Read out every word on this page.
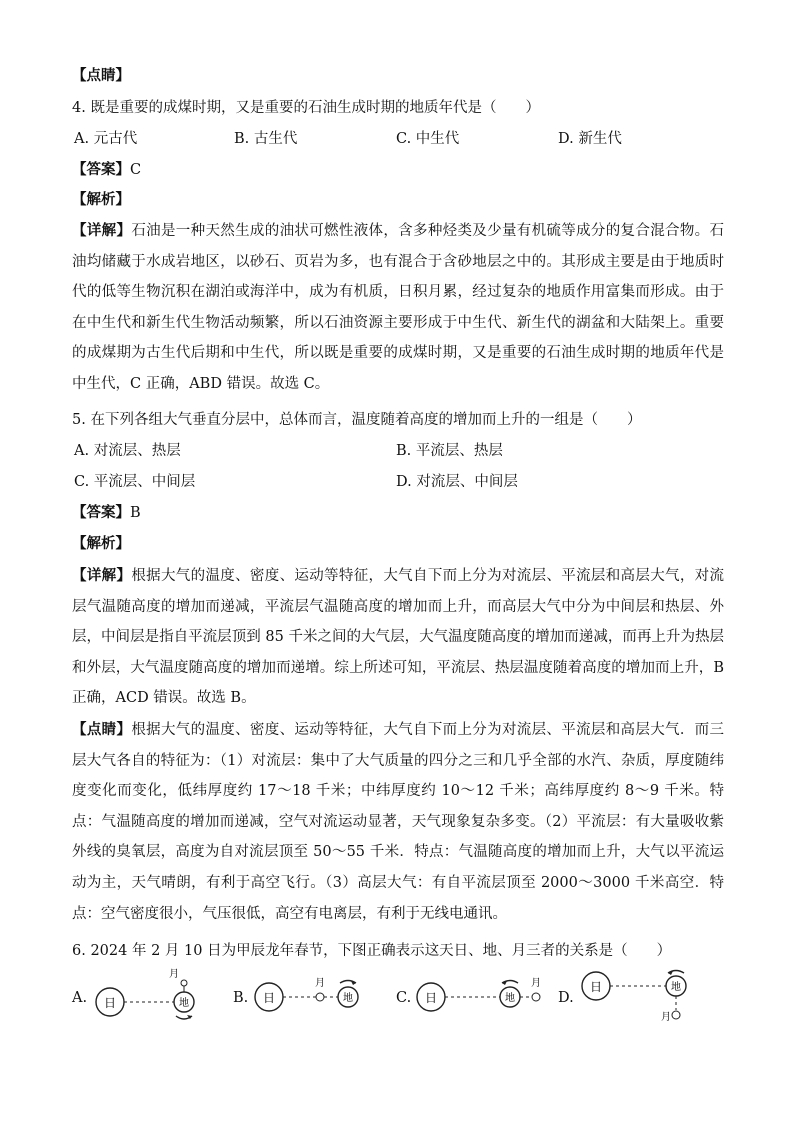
【点睛】
4. 既是重要的成煤时期，又是重要的石油生成时期的地质年代是（　　）
A. 元古代	B. 古生代	C. 中生代	D. 新生代
【答案】C
【解析】
【详解】石油是一种天然生成的油状可燃性液体，含多种烃类及少量有机硫等成分的复合混合物。石油均储藏于水成岩地区，以砂石、页岩为多，也有混合于含砂地层之中的。其形成主要是由于地质时代的低等生物沉积在湖泊或海洋中，成为有机质，日积月累，经过复杂的地质作用富集而形成。由于在中生代和新生代生物活动频繁，所以石油资源主要形成于中生代、新生代的湖盆和大陆架上。重要的成煤期为古生代后期和中生代，所以既是重要的成煤时期，又是重要的石油生成时期的地质年代是中生代，C 正确，ABD 错误。故选 C。
5. 在下列各组大气垂直分层中，总体而言，温度随着高度的增加而上升的一组是（　　）
A. 对流层、热层	B. 平流层、热层
C. 平流层、中间层	D. 对流层、中间层
【答案】B
【解析】
【详解】根据大气的温度、密度、运动等特征，大气自下而上分为对流层、平流层和高层大气，对流层气温随高度的增加而递减，平流层气温随高度的增加而上升，而高层大气中分为中间层和热层、外层，中间层是指自平流层顶到 85 千米之间的大气层，大气温度随高度的增加而递减，而再上升为热层和外层，大气温度随高度的增加而递增。综上所述可知，平流层、热层温度随着高度的增加而上升，B 正确，ACD 错误。故选 B。
【点睛】根据大气的温度、密度、运动等特征，大气自下而上分为对流层、平流层和高层大气．而三层大气各自的特征为：（1）对流层：集中了大气质量的四分之三和几乎全部的水汽、杂质，厚度随纬度变化而变化，低纬厚度约 17～18 千米；中纬厚度约 10～12 千米；高纬厚度约 8～9 千米。特点：气温随高度的增加而递减，空气对流运动显著，天气现象复杂多变。（2）平流层：有大量吸收紫外线的臭氧层，高度为自对流层顶至 50～55 千米．特点：气温随高度的增加而上升，大气以平流运动为主，天气晴朗，有利于高空飞行。（3）高层大气：有自平流层顶至 2000～3000 千米高空．特点：空气密度很小，气压很低，高空有电离层，有利于无线电通讯。
6. 2024 年 2 月 10 日为甲辰龙年春节，下图正确表示这天日、地、月三者的关系是（　　）
A. 日	地
月
B. 日
月
地	C. 日	地
月
D.
日	地
月
